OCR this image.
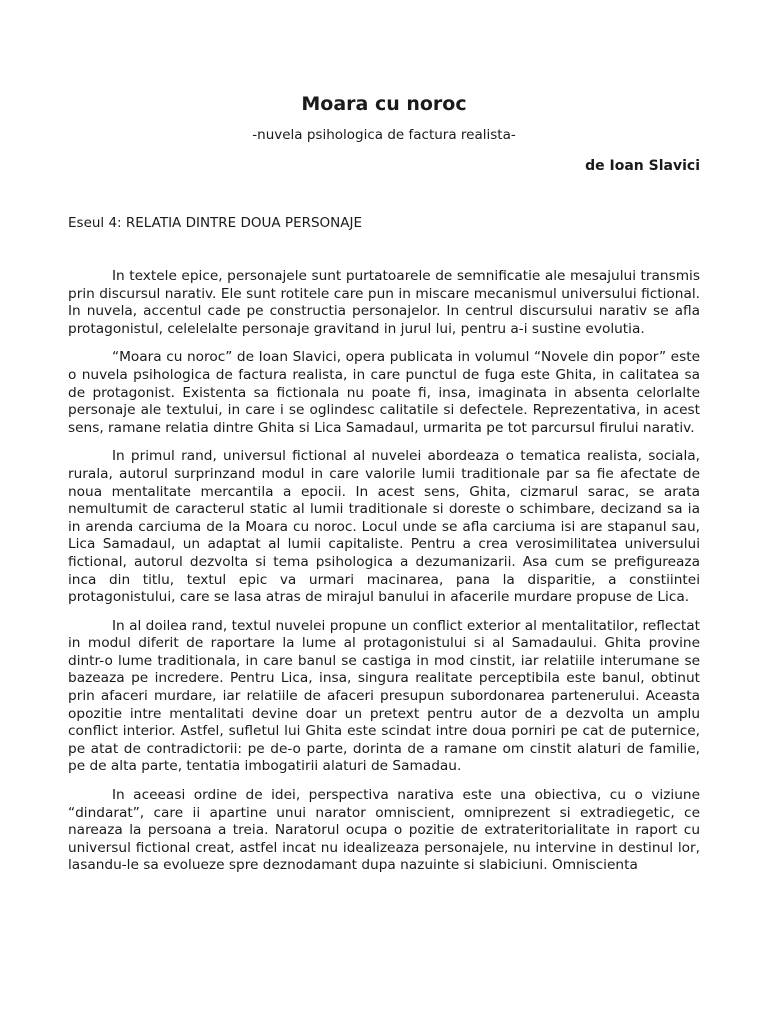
Moara cu noroc

-nuvela psihologica de factura realista-

de Ioan Slavici

Eseul 4: RELATIA DINTRE DOUA PERSONAJE

In textele epice, personajele sunt purtatoarele de semnificatie ale mesajului transmis prin discursul narativ. Ele sunt rotitele care pun in miscare mecanismul universului fictional. In nuvela, accentul cade pe constructia personajelor. In centrul discursului narativ se afla protagonistul, celelelalte personaje gravitand in jurul lui, pentru a-i sustine evolutia.

“Moara cu noroc” de Ioan Slavici, opera publicata in volumul “Novele din popor” este o nuvela psihologica de factura realista, in care punctul de fuga este Ghita, in calitatea sa de protagonist. Existenta sa fictionala nu poate fi, insa, imaginata in absenta celorlalte personaje ale textului, in care i se oglindesc calitatile si defectele. Reprezentativa, in acest sens, ramane relatia dintre Ghita si Lica Samadaul, urmarita pe tot parcursul firului narativ.

In primul rand, universul fictional al nuvelei abordeaza o tematica realista, sociala, rurala, autorul surprinzand modul in care valorile lumii traditionale par sa fie afectate de noua mentalitate mercantila a epocii. In acest sens, Ghita, cizmarul sarac, se arata nemultumit de caracterul static al lumii traditionale si doreste o schimbare, decizand sa ia in arenda carciuma de la Moara cu noroc. Locul unde se afla carciuma isi are stapanul sau, Lica Samadaul, un adaptat al lumii capitaliste. Pentru a crea verosimilitatea universului fictional, autorul dezvolta si tema psihologica a dezumanizarii. Asa cum se prefigureaza inca din titlu, textul epic va urmari macinarea, pana la disparitie, a constiintei protagonistului, care se lasa atras de mirajul banului in afacerile murdare propuse de Lica.

In al doilea rand, textul nuvelei propune un conflict exterior al mentalitatilor, reflectat in modul diferit de raportare la lume al protagonistului si al Samadaului. Ghita provine dintr-o lume traditionala, in care banul se castiga in mod cinstit, iar relatiile interumane se bazeaza pe incredere. Pentru Lica, insa, singura realitate perceptibila este banul, obtinut prin afaceri murdare, iar relatiile de afaceri presupun subordonarea partenerului. Aceasta opozitie intre mentalitati devine doar un pretext pentru autor de a dezvolta un amplu conflict interior. Astfel, sufletul lui Ghita este scindat intre doua porniri pe cat de puternice, pe atat de contradictorii: pe de-o parte, dorinta de a ramane om cinstit alaturi de familie, pe de alta parte, tentatia imbogatirii alaturi de Samadau.

In aceeasi ordine de idei, perspectiva narativa este una obiectiva, cu o viziune “dindarat”, care ii apartine unui narator omniscient, omniprezent si extradiegetic, ce nareaza la persoana a treia. Naratorul ocupa o pozitie de extrateritorialitate in raport cu universul fictional creat, astfel incat nu idealizeaza personajele, nu intervine in destinul lor, lasandu-le sa evolueze spre deznodamant dupa nazuinte si slabiciuni. Omniscienta
